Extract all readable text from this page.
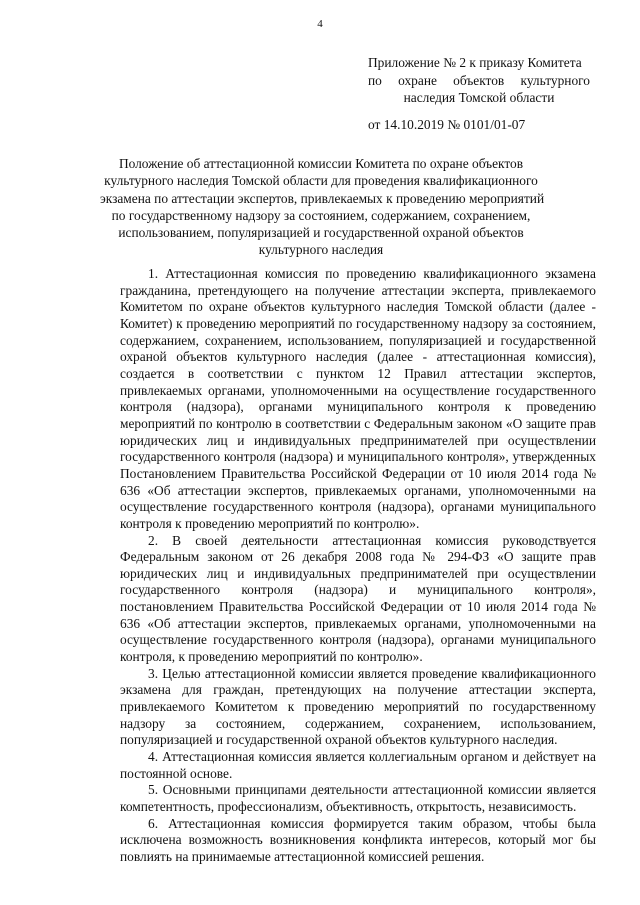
4
Приложение № 2 к приказу Комитета
по охране объектов культурного
наследия Томской области
от 14.10.2019 № 0101/01-07
Положение об аттестационной комиссии Комитета по охране объектов
культурного наследия Томской области для проведения квалификационного
экзамена по аттестации экспертов, привлекаемых к проведению мероприятий
по государственному надзору за состоянием, содержанием, сохранением,
использованием, популяризацией и государственной охраной объектов
культурного наследия

1. Аттестационная комиссия по проведению квалификационного экзамена гражданина, претендующего на получение аттестации эксперта, привлекаемого Комитетом по охране объектов культурного наследия Томской области (далее - Комитет) к проведению мероприятий по государственному надзору за состоянием, содержанием, сохранением, использованием, популяризацией и государственной охраной объектов культурного наследия (далее - аттестационная комиссия), создается в соответствии с пунктом 12 Правил аттестации экспертов, привлекаемых органами, уполномоченными на осуществление государственного контроля (надзора), органами муниципального контроля к проведению мероприятий по контролю в соответствии с Федеральным законом «О защите прав юридических лиц и индивидуальных предпринимателей при осуществлении государственного контроля (надзора) и муниципального контроля», утвержденных Постановлением Правительства Российской Федерации от 10 июля 2014 года № 636 «Об аттестации экспертов, привлекаемых органами, уполномоченными на осуществление государственного контроля (надзора), органами муниципального контроля к проведению мероприятий по контролю».

2. В своей деятельности аттестационная комиссия руководствуется Федеральным законом от 26 декабря 2008 года № 294-ФЗ «О защите прав юридических лиц и индивидуальных предпринимателей при осуществлении государственного контроля (надзора) и муниципального контроля», постановлением Правительства Российской Федерации от 10 июля 2014 года № 636 «Об аттестации экспертов, привлекаемых органами, уполномоченными на осуществление государственного контроля (надзора), органами муниципального контроля, к проведению мероприятий по контролю».

3. Целью аттестационной комиссии является проведение квалификационного экзамена для граждан, претендующих на получение аттестации эксперта, привлекаемого Комитетом к проведению мероприятий по государственному надзору за состоянием, содержанием, сохранением, использованием, популяризацией и государственной охраной объектов культурного наследия.

4. Аттестационная комиссия является коллегиальным органом и действует на постоянной основе.

5. Основными принципами деятельности аттестационной комиссии является компетентность, профессионализм, объективность, открытость, независимость.

6. Аттестационная комиссия формируется таким образом, чтобы была исключена возможность возникновения конфликта интересов, который мог бы повлиять на принимаемые аттестационной комиссией решения.
